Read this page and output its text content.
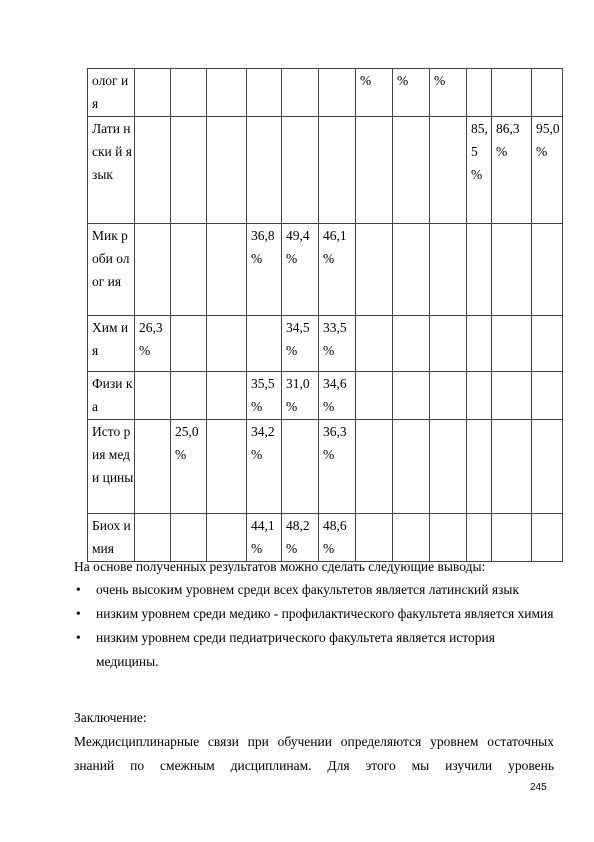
олог ия							%	%	%			
Лати нски й язык										85,5 %	86,3 %	95,0 %
Мик роби олог ия				36,8 %	49,4 %	46,1 %						
Хим ия	26,3 %				34,5 %	33,5 %						
Физи ка				35,5 %	31,0 %	34,6 %						
Исто рия меди цины		25,0 %		34,2 %		36,3 %						
Биох имия				44,1 %	48,2 %	48,6 %						

На основе полученных результатов можно сделать следующие выводы:

• очень высоким уровнем среди всех факультетов является латинский язык
• низким уровнем среди медико - профилактического факультета является химия
• низким уровнем среди педиатрического факультета является история медицины.

Заключение:

Междисциплинарные связи при обучении определяются уровнем остаточных

знаний по смежным дисциплинам. Для этого мы изучили уровень

245
